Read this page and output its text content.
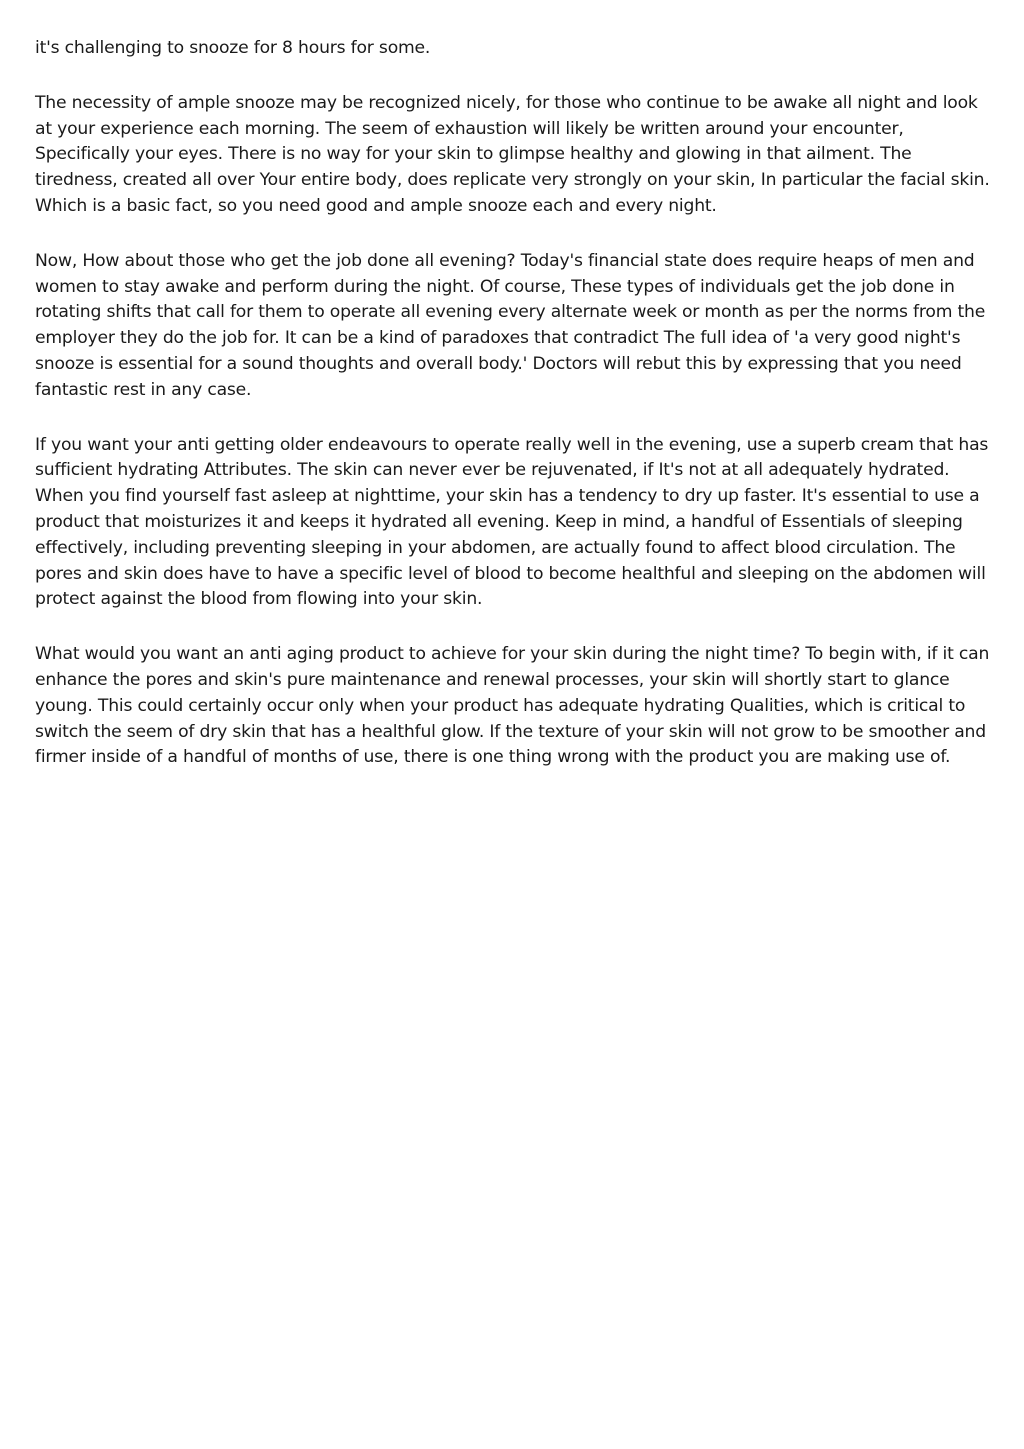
it's challenging to snooze for 8 hours for some.

The necessity of ample snooze may be recognized nicely, for those who continue to be awake all night and look at your experience each morning. The seem of exhaustion will likely be written around your encounter, Specifically your eyes. There is no way for your skin to glimpse healthy and glowing in that ailment. The tiredness, created all over Your entire body, does replicate very strongly on your skin, In particular the facial skin. Which is a basic fact, so you need good and ample snooze each and every night.

Now, How about those who get the job done all evening? Today's financial state does require heaps of men and women to stay awake and perform during the night. Of course, These types of individuals get the job done in rotating shifts that call for them to operate all evening every alternate week or month as per the norms from the employer they do the job for. It can be a kind of paradoxes that contradict The full idea of 'a very good night's snooze is essential for a sound thoughts and overall body.' Doctors will rebut this by expressing that you need fantastic rest in any case.

If you want your anti getting older endeavours to operate really well in the evening, use a superb cream that has sufficient hydrating Attributes. The skin can never ever be rejuvenated, if It's not at all adequately hydrated. When you find yourself fast asleep at nighttime, your skin has a tendency to dry up faster. It's essential to use a product that moisturizes it and keeps it hydrated all evening. Keep in mind, a handful of Essentials of sleeping effectively, including preventing sleeping in your abdomen, are actually found to affect blood circulation. The pores and skin does have to have a specific level of blood to become healthful and sleeping on the abdomen will protect against the blood from flowing into your skin.

What would you want an anti aging product to achieve for your skin during the night time? To begin with, if it can enhance the pores and skin's pure maintenance and renewal processes, your skin will shortly start to glance young. This could certainly occur only when your product has adequate hydrating Qualities, which is critical to switch the seem of dry skin that has a healthful glow. If the texture of your skin will not grow to be smoother and firmer inside of a handful of months of use, there is one thing wrong with the product you are making use of.
